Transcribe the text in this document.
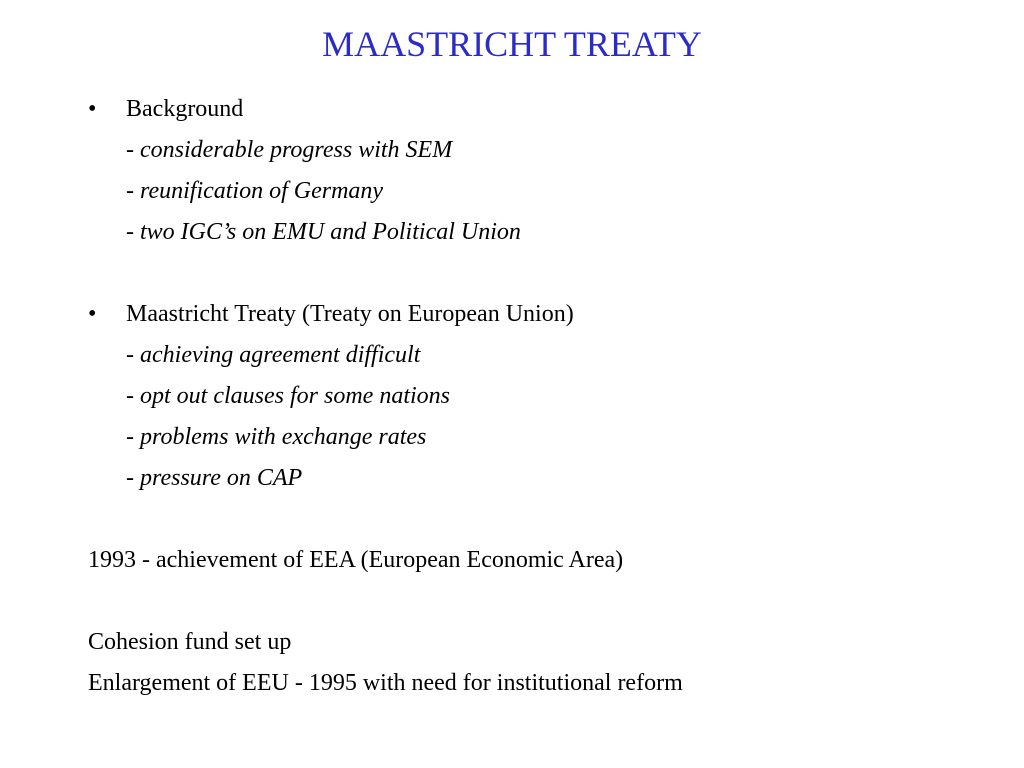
MAASTRICHT TREATY
• Background
- considerable progress with SEM
- reunification of Germany
- two IGC’s on EMU and Political Union
• Maastricht Treaty (Treaty on European Union)
- achieving agreement difficult
- opt out clauses for some nations
- problems with exchange rates
- pressure on CAP
1993 - achievement of EEA (European Economic Area)
Cohesion fund set up
Enlargement of EEU - 1995 with need for institutional reform
